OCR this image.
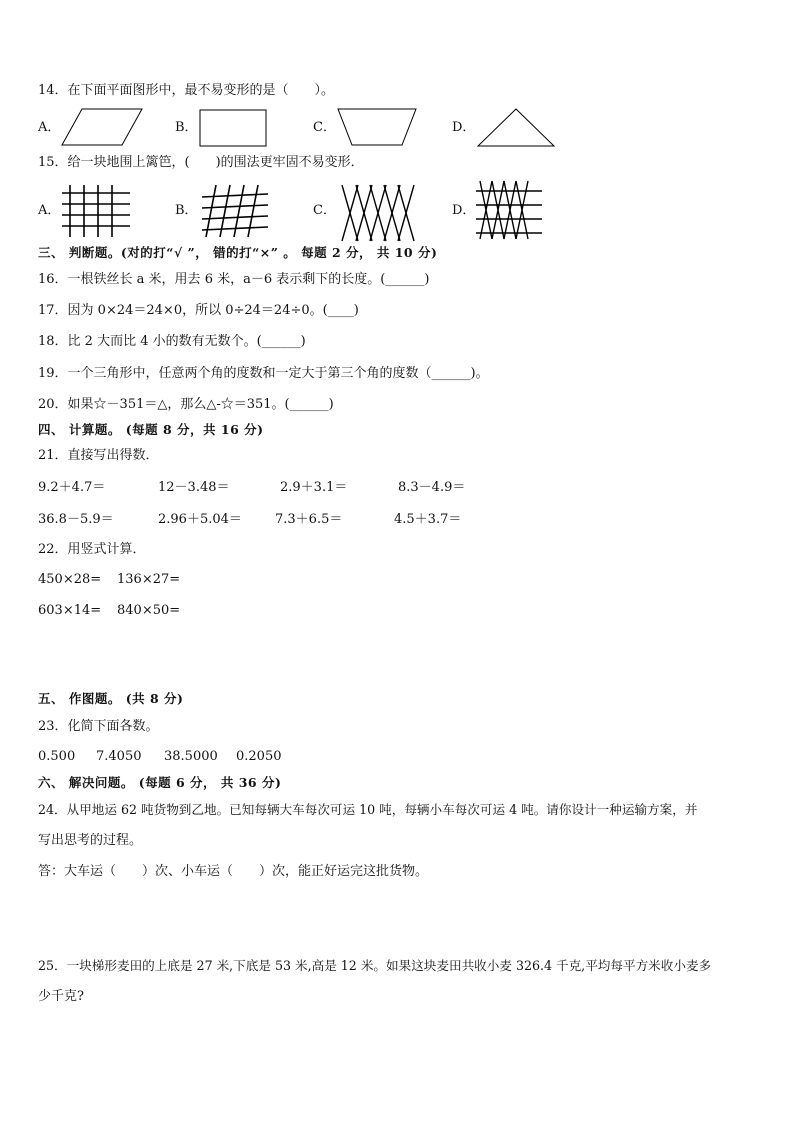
14．在下面平面图形中，最不易变形的是（　　）。
A．	B．	C．	D．
15．给一块地围上篱笆，(　　)的围法更牢固不易变形．
A．	B．	C．	D．
三、 判断题。(对的打“√ ”， 错的打“×” 。 每题 2 分， 共 10 分)
16．一根铁丝长 a 米，用去 6 米，a－6 表示剩下的长度。(______)
17．因为 0×24＝24×0，所以 0÷24＝24÷0。(____)
18．比 2 大而比 4 小的数有无数个。(______)
19．一个三角形中，任意两个角的度数和一定大于第三个角的度数（______)。
20．如果☆－351＝△，那么△-☆＝351。(______)
四、 计算题。 (每题 8 分，共 16 分)
21．直接写出得数．
9.2＋4.7＝	12－3.48＝	2.9＋3.1＝	8.3－4.9＝
36.8－5.9＝	2.96＋5.04＝	7.3＋6.5＝	4.5＋3.7＝
22．用竖式计算．
450×28= 136×27=
603×14= 840×50=
五、 作图题。 (共 8 分)
23．化简下面各数。
0.500 7.4050 38.5000 0.2050
六、 解决问题。 (每题 6 分， 共 36 分)
24．从甲地运 62 吨货物到乙地。已知每辆大车每次可运 10 吨，每辆小车每次可运 4 吨。请你设计一种运输方案，并
写出思考的过程。
答：大车运（　　）次、小车运（　　）次，能正好运完这批货物。
25．一块梯形麦田的上底是 27 米,下底是 53 米,高是 12 米。如果这块麦田共收小麦 326.4 千克,平均每平方米收小麦多
少千克?
